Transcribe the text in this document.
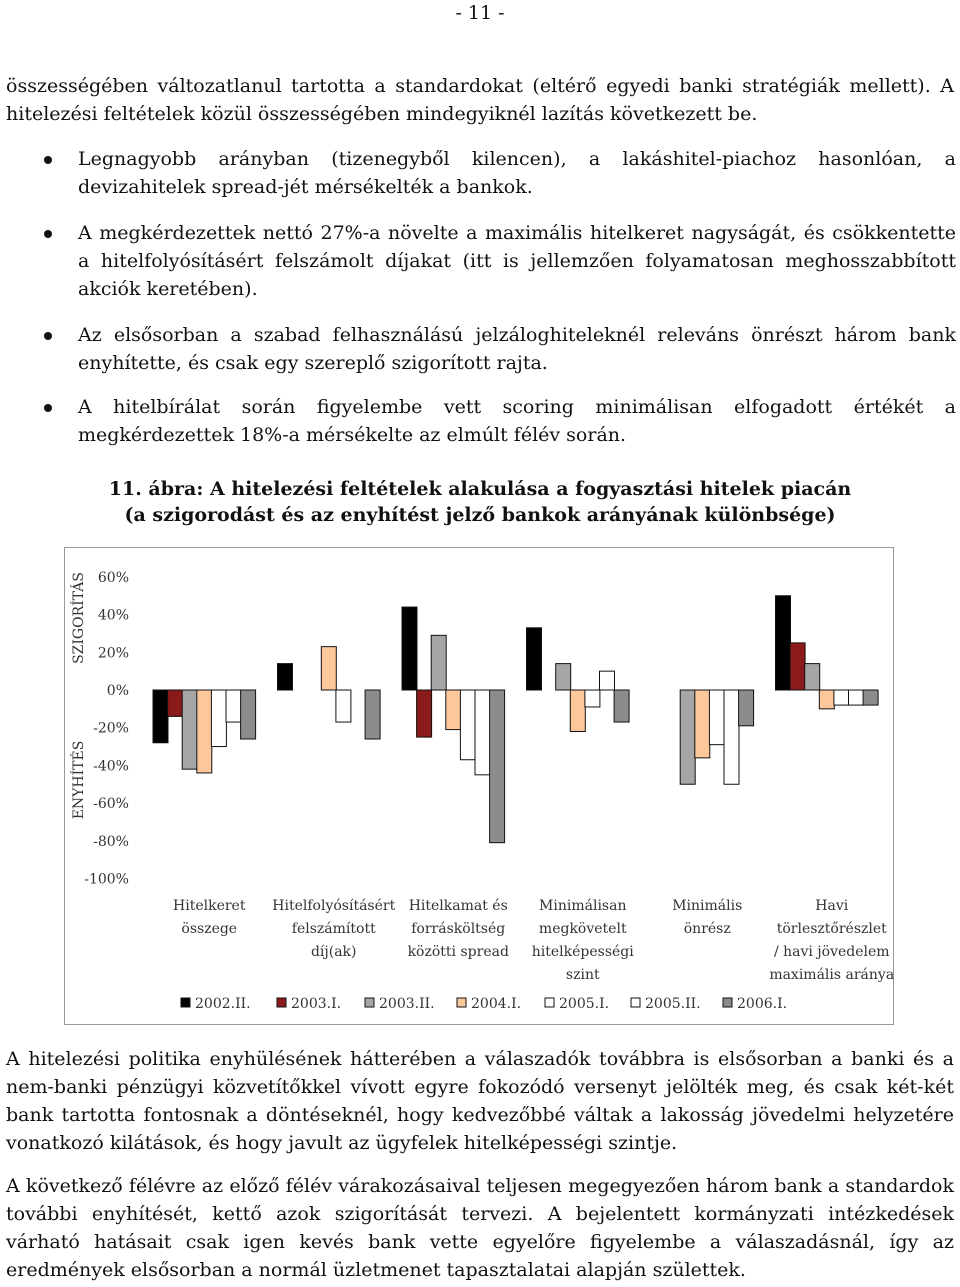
- 11 -

összességében változatlanul tartotta a standardokat (eltérő egyedi banki stratégiák mellett). A hitelezési feltételek közül összességében mindegyiknél lazítás következett be.

Legnagyobb arányban (tizenegyből kilencen), a lakáshitel-piachoz hasonlóan, a devizahitelek spread-jét mérsékelték a bankok.

A megkérdezettek nettó 27%-a növelte a maximális hitelkeret nagyságát, és csökkentette a hitelfolyósításért felszámolt díjakat (itt is jellemzően folyamatosan meghosszabbított akciók keretében).

Az elsősorban a szabad felhasználású jelzáloghiteleknél releváns önrészt három bank enyhítette, és csak egy szereplő szigorított rajta.

A hitelbírálat során figyelembe vett scoring minimálisan elfogadott értékét a megkérdezettek 18%-a mérsékelte az elmúlt félév során.

11. ábra: A hitelezési feltételek alakulása a fogyasztási hitelek piacán
(a szigorodást és az enyhítést jelző bankok arányának különbsége)
60%
40%
20%
0%
-20%
-40%
-60%
-80%
-100%
Hitelkeret
összege
Hitelfolyósításért
felszámított
díj(ak)
Hitelkamat és
forrásköltség
közötti spread
Minimálisan
megkövetelt
hitelképességi
szint
Minimális
önrész
Havi
törlesztőrészlet
/ havi jövedelem
maximális aránya
2002.II.	2003.I.	2003.II.	2004.I.	2005.I.	2005.II.	2006.I.
SZIGORÍTÁS
ENYHÍTÉS

A hitelezési politika enyhülésének hátterében a válaszadók továbbra is elsősorban a banki és a nem-banki pénzügyi közvetítőkkel vívott egyre fokozódó versenyt jelölték meg, és csak két-két bank tartotta fontosnak a döntéseknél, hogy kedvezőbbé váltak a lakosság jövedelmi helyzetére vonatkozó kilátások, és hogy javult az ügyfelek hitelképességi szintje.

A következő félévre az előző félév várakozásaival teljesen megegyezően három bank a standardok további enyhítését, kettő azok szigorítását tervezi. A bejelentett kormányzati intézkedések várható hatásait csak igen kevés bank vette egyelőre figyelembe a válaszadásnál, így az eredmények elsősorban a normál üzletmenet tapasztalatai alapján születtek.
